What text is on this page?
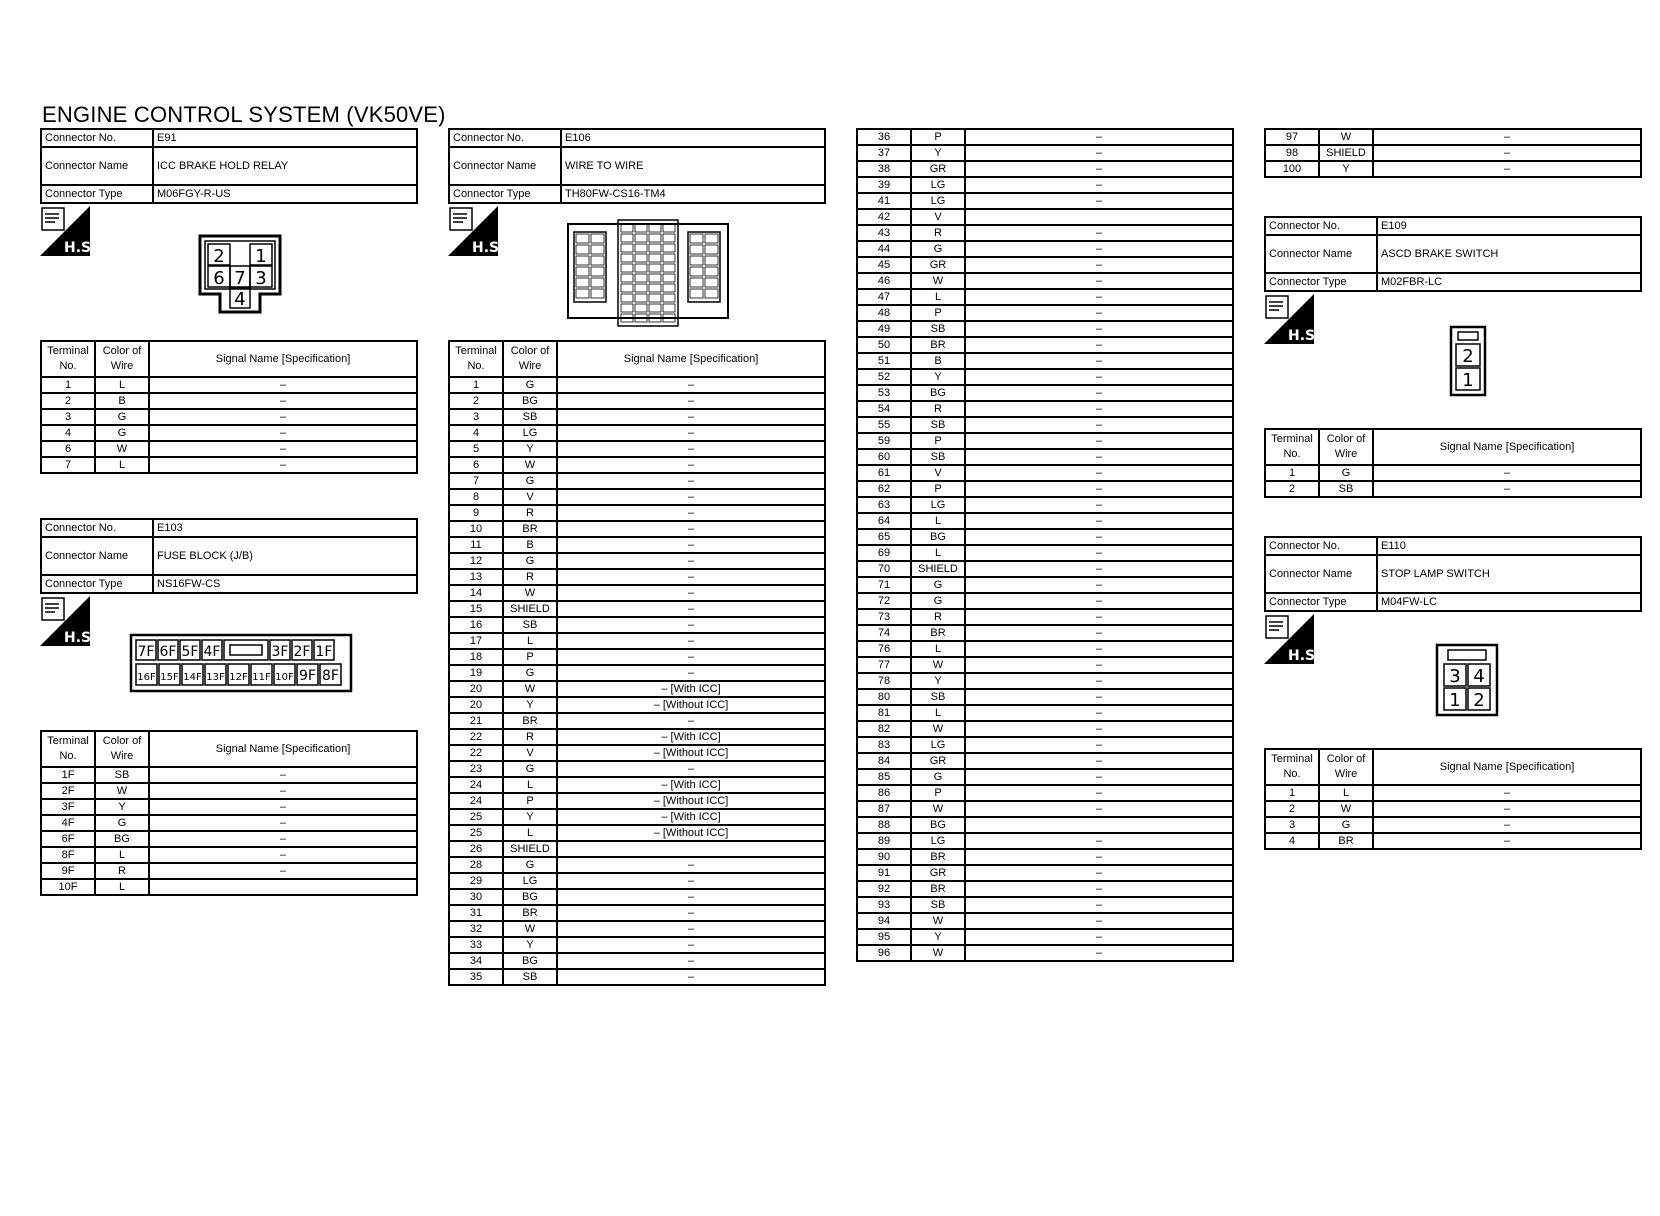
ENGINE CONTROL SYSTEM (VK50VE)
Connector No.	E91
Connector Name	ICC BRAKE HOLD RELAY
Connector Type	M06FGY-R-US
H.S.	2 1
6 7 3
4
Terminal No.	Color of Wire	Signal Name [Specification]
1	L	–
2	B	–
3	G	–
4	G	–
6	W	–
7	L	–
Connector No.	E103
Connector Name	FUSE BLOCK (J/B)
Connector Type	NS16FW-CS
H.S.
7F 6F 5F 4F	3F 2F 1F
16F 15F 14F 13F 12F 11F 10F 9F 8F
Terminal No.	Color of Wire	Signal Name [Specification]
1F	SB	–
2F	W	–
3F	Y	–
4F	G	–
6F	BG	–
8F	L	–
9F	R	–
10F	L	
Connector No.	E106
Connector Name	WIRE TO WIRE
Connector Type	TH80FW-CS16-TM4
H.S.
Terminal No.	Color of Wire	Signal Name [Specification]
1	G	–
2	BG	–
3	SB	–
4	LG	–
5	Y	–
6	W	–
7	G	–
8	V	–
9	R	–
10	BR	–
11	B	–
12	G	–
13	R	–
14	W	–
15	SHIELD	–
16	SB	–
17	L	–
18	P	–
19	G	–
20	W	– [With ICC]
20	Y	– [Without ICC]
21	BR	–
22	R	– [With ICC]
22	V	– [Without ICC]
23	G	–
24	L	– [With ICC]
24	P	– [Without ICC]
25	Y	– [With ICC]
25	L	– [Without ICC]
26	SHIELD	
28	G	–
29	LG	–
30	BG	–
31	BR	–
32	W	–
33	Y	–
34	BG	–
35	SB	–
36	P	–
37	Y	–
38	GR	–
39	LG	–
41	LG	–
42	V	
43	R	–
44	G	–
45	GR	–
46	W	–
47	L	–
48	P	–
49	SB	–
50	BR	–
51	B	–
52	Y	–
53	BG	–
54	R	–
55	SB	–
59	P	–
60	SB	–
61	V	–
62	P	–
63	LG	–
64	L	–
65	BG	–
69	L	–
70	SHIELD	–
71	G	–
72	G	–
73	R	–
74	BR	–
76	L	–
77	W	–
78	Y	–
80	SB	–
81	L	–
82	W	–
83	LG	–
84	GR	–
85	G	–
86	P	–
87	W	–
88	BG	
89	LG	–
90	BR	–
91	GR	–
92	BR	–
93	SB	–
94	W	–
95	Y	–
96	W	–
97	W	–
98	SHIELD	–
100	Y	–
Connector No.	E109
Connector Name	ASCD BRAKE SWITCH
Connector Type	M02FBR-LC
H.S.
2
1
Terminal No.	Color of Wire	Signal Name [Specification]
1	G	–
2	SB	–
Connector No.	E110
Connector Name	STOP LAMP SWITCH
Connector Type	M04FW-LC
H.S.
3 4
1 2
Terminal No.	Color of Wire	Signal Name [Specification]
1	L	–
2	W	–
3	G	–
4	BR	–
